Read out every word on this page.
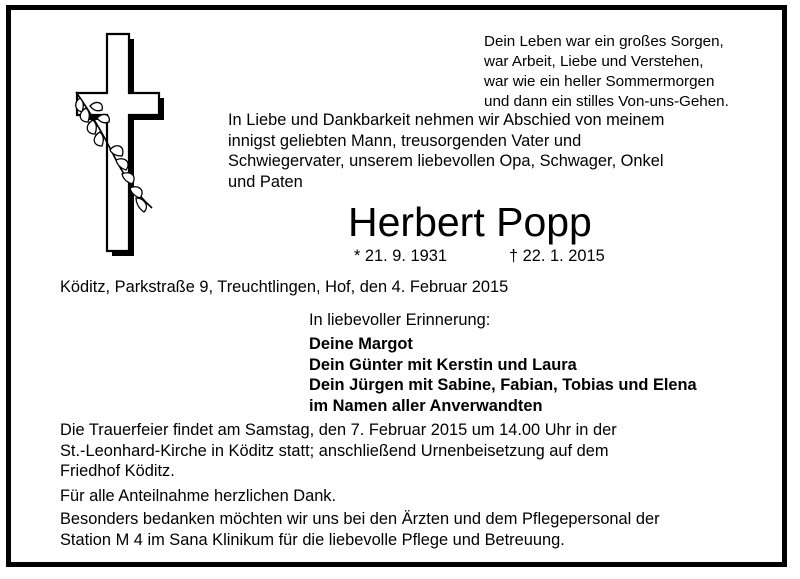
Dein Leben war ein großes Sorgen,
war Arbeit, Liebe und Verstehen,
war wie ein heller Sommermorgen
und dann ein stilles Von-uns-Gehen.
In Liebe und Dankbarkeit nehmen wir Abschied von meinem
innigst geliebten Mann, treusorgenden Vater und
Schwiegervater, unserem liebevollen Opa, Schwager, Onkel
und Paten
Herbert Popp
* 21. 9. 1931	† 22. 1. 2015
Köditz, Parkstraße 9, Treuchtlingen, Hof, den 4. Februar 2015
In liebevoller Erinnerung:
Deine Margot
Dein Günter mit Kerstin und Laura
Dein Jürgen mit Sabine, Fabian, Tobias und Elena
im Namen aller Anverwandten
Die Trauerfeier findet am Samstag, den 7. Februar 2015 um 14.00 Uhr in der
St.-Leonhard-Kirche in Köditz statt; anschließend Urnenbeisetzung auf dem
Friedhof Köditz.
Für alle Anteilnahme herzlichen Dank.
Besonders bedanken möchten wir uns bei den Ärzten und dem Pflegepersonal der
Station M 4 im Sana Klinikum für die liebevolle Pflege und Betreuung.
